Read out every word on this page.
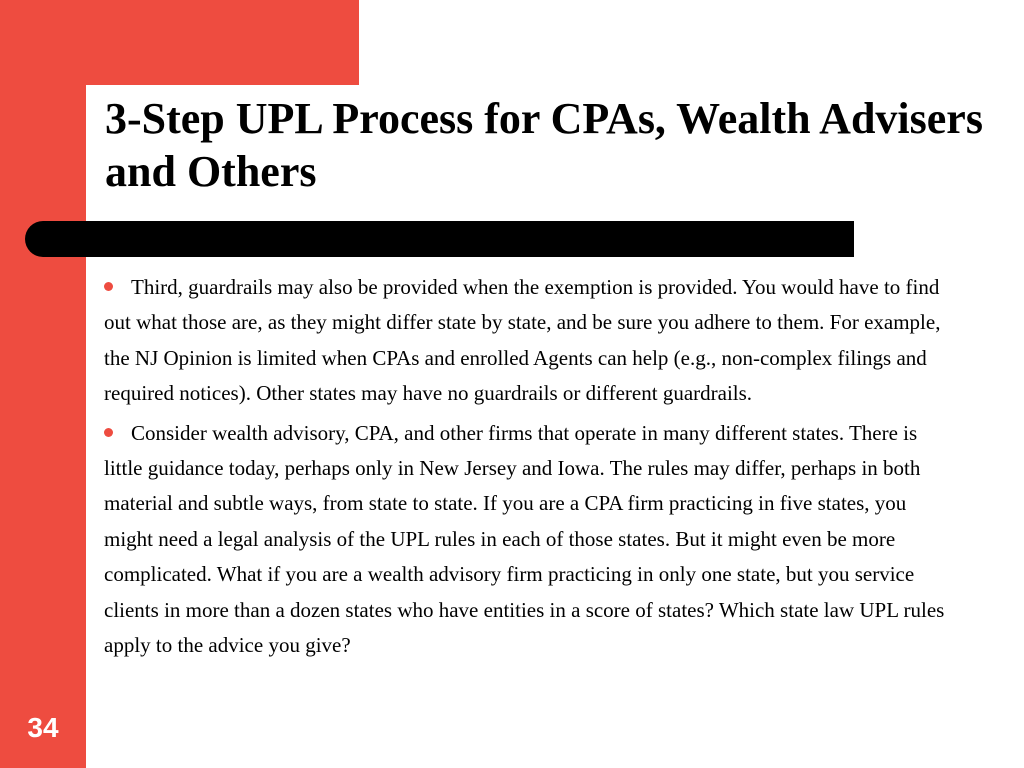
3-Step UPL Process for CPAs, Wealth Advisers and Others

Third, guardrails may also be provided when the exemption is provided. You would have to find out what those are, as they might differ state by state, and be sure you adhere to them. For example, the NJ Opinion is limited when CPAs and enrolled Agents can help (e.g., non-complex filings and required notices). Other states may have no guardrails or different guardrails.

Consider wealth advisory, CPA, and other firms that operate in many different states. There is little guidance today, perhaps only in New Jersey and Iowa. The rules may differ, perhaps in both material and subtle ways, from state to state. If you are a CPA firm practicing in five states, you might need a legal analysis of the UPL rules in each of those states. But it might even be more complicated. What if you are a wealth advisory firm practicing in only one state, but you service clients in more than a dozen states who have entities in a score of states? Which state law UPL rules apply to the advice you give?

34
